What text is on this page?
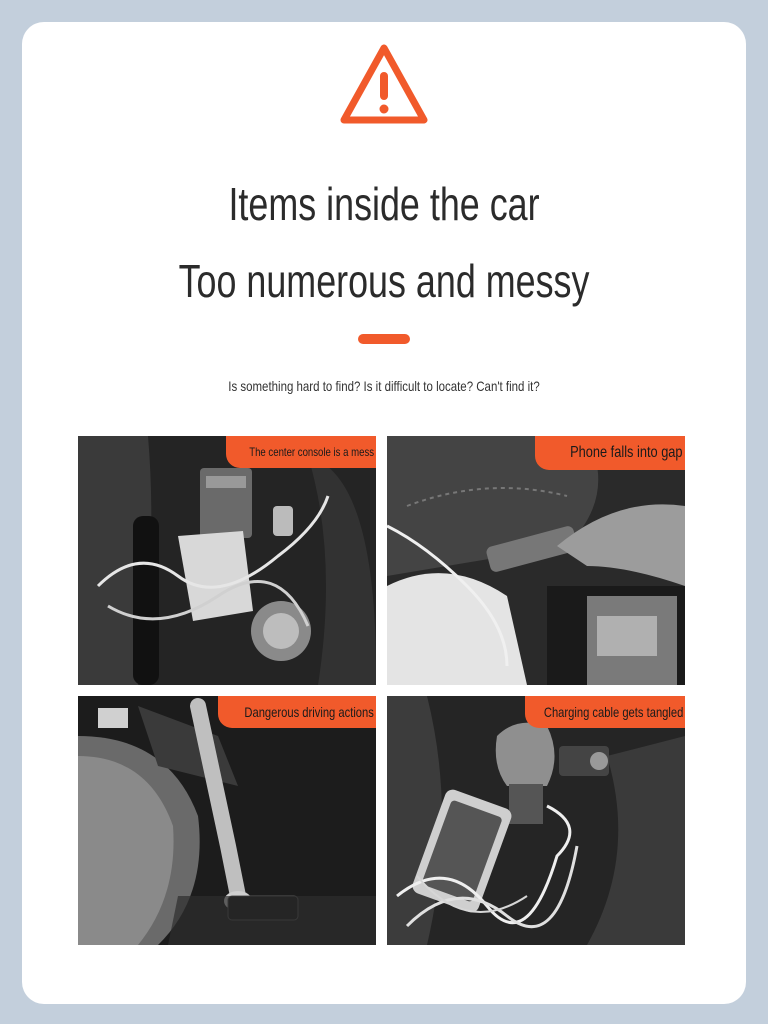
Items inside the car
Too numerous and messy
Is something hard to find? Is it difficult to locate? Can't find it?
The center console is a mess	Phone falls into gap
Dangerous driving actions	Charging cable gets tangled
